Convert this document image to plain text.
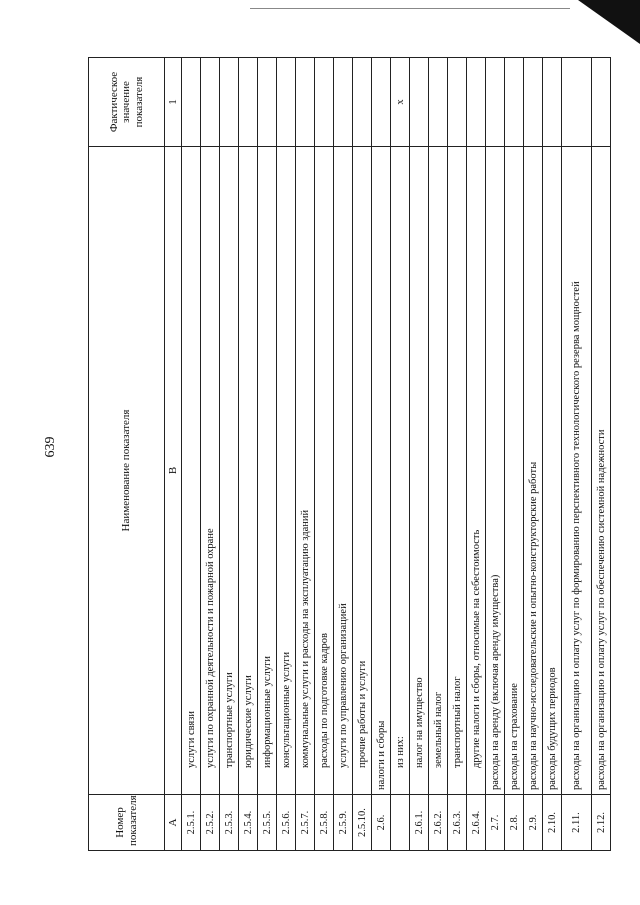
639
Номер показателя	Наименование показателя	Фактическое значение показателя
А	В	1
2.5.1.	услуги связи	
2.5.2.	услуги по охранной деятельности и пожарной охране	
2.5.3.	транспортные услуги	
2.5.4.	юридические услуги	
2.5.5.	информационные услуги	
2.5.6.	консультационные услуги	
2.5.7.	коммунальные услуги и расходы на эксплуатацию зданий	
2.5.8.	расходы по подготовке кадров	
2.5.9.	услуги по управлению организацией	
2.5.10.	прочие работы и услуги	
2.6.	налоги и сборы	
	из них:	x
2.6.1.	налог на имущество	
2.6.2.	земельный налог	
2.6.3.	транспортный налог	
2.6.4.	другие налоги и сборы, относимые на себестоимость	
2.7.	расходы на аренду (включая аренду имущества)	
2.8.	расходы на страхование	
2.9.	расходы на научно-исследовательские и опытно-конструкторские работы	
2.10.	расходы будущих периодов	
2.11.	расходы на организацию и оплату услуг по формированию перспективного технологического резерва мощностей	
2.12.	расходы на организацию и оплату услуг по обеспечению системной надежности	
